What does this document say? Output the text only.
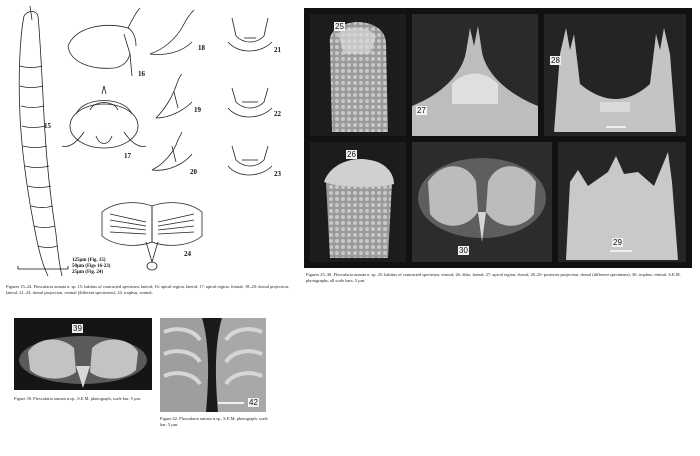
15
16
17
18
19
20
21
22
23
24
125µm (Fig. 15)
50µm (Figs 16-23)
25µm (Fig. 24)
Figures 15–24. Floscularia armata n. sp. 15: habitus of contracted specimen, lateral; 16: apical region, lateral; 17: apical region, frontal; 18–20: dorsal projection, lateral; 21–23: dorsal projection, ventral (different specimens); 24: trophus, ventral.
25
27
28
26
30
29
Figures 25–30. Floscularia armata n. sp. 25: habitus of contracted specimen, ventral; 26: ditto, lateral; 27: apical region, dorsal; 28–29: posterior projection, dorsal (different specimens); 30: trophus, ventral. S.E.M. photographs, all scale bars: 5 µm.
39
Figure 39. Floscularia armata n.sp., S.E.M. photograph, scale bar: 5 µm.	42
Figure 42. Floscularia armata n.sp., S.E.M. photograph, scale bar: 5 µm.
